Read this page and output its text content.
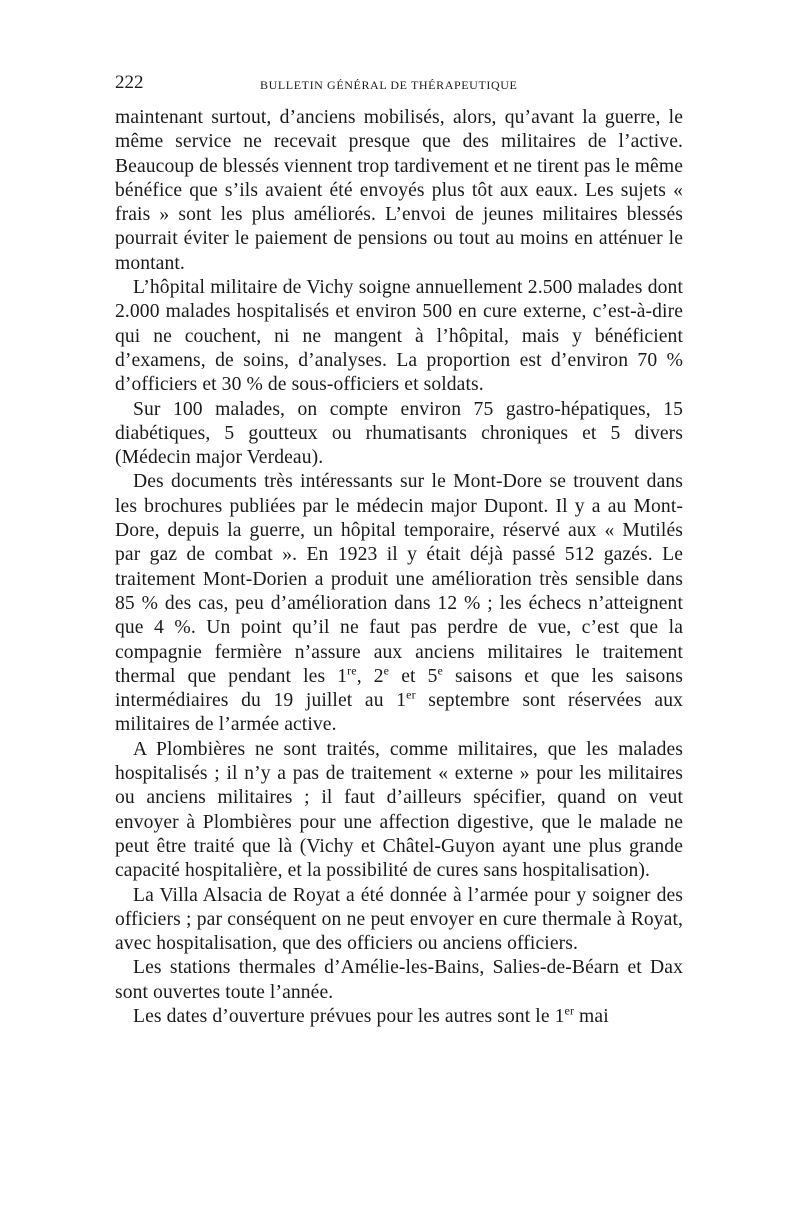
222	BULLETIN GÉNÉRAL DE THÉRAPEUTIQUE

maintenant surtout, d’anciens mobilisés, alors, qu’avant la guerre, le même service ne recevait presque que des militaires de l’active. Beaucoup de blessés viennent trop tardivement et ne tirent pas le même bénéfice que s’ils avaient été envoyés plus tôt aux eaux. Les sujets « frais » sont les plus améliorés. L’envoi de jeunes militaires blessés pourrait éviter le paiement de pensions ou tout au moins en atténuer le montant.

L’hôpital militaire de Vichy soigne annuellement 2.500 malades dont 2.000 malades hospitalisés et environ 500 en cure externe, c’est-à-dire qui ne couchent, ni ne mangent à l’hôpital, mais y bénéficient d’examens, de soins, d’analyses. La proportion est d’environ 70 % d’officiers et 30 % de sous-officiers et soldats.

Sur 100 malades, on compte environ 75 gastro-hépatiques, 15 diabétiques, 5 goutteux ou rhumatisants chroniques et 5 divers (Médecin major Verdeau).

Des documents très intéressants sur le Mont-Dore se trouvent dans les brochures publiées par le médecin major Dupont. Il y a au Mont-Dore, depuis la guerre, un hôpital temporaire, réservé aux « Mutilés par gaz de combat ». En 1923 il y était déjà passé 512 gazés. Le traitement Mont-Dorien a produit une amélioration très sensible dans 85 % des cas, peu d’amélioration dans 12 % ; les échecs n’atteignent que 4 %. Un point qu’il ne faut pas perdre de vue, c’est que la compagnie fermière n’assure aux anciens militaires le traitement thermal que pendant les 1re, 2e et 5e saisons et que les saisons intermédiaires du 19 juillet au 1er septembre sont réservées aux militaires de l’armée active.

A Plombières ne sont traités, comme militaires, que les malades hospitalisés ; il n’y a pas de traitement « externe » pour les militaires ou anciens militaires ; il faut d’ailleurs spécifier, quand on veut envoyer à Plombières pour une affection digestive, que le malade ne peut être traité que là (Vichy et Châtel-Guyon ayant une plus grande capacité hospitalière, et la possibilité de cures sans hospitalisation).

La Villa Alsacia de Royat a été donnée à l’armée pour y soigner des officiers ; par conséquent on ne peut envoyer en cure thermale à Royat, avec hospitalisation, que des officiers ou anciens officiers.

Les stations thermales d’Amélie-les-Bains, Salies-de-Béarn et Dax sont ouvertes toute l’année.

Les dates d’ouverture prévues pour les autres sont le 1er mai
